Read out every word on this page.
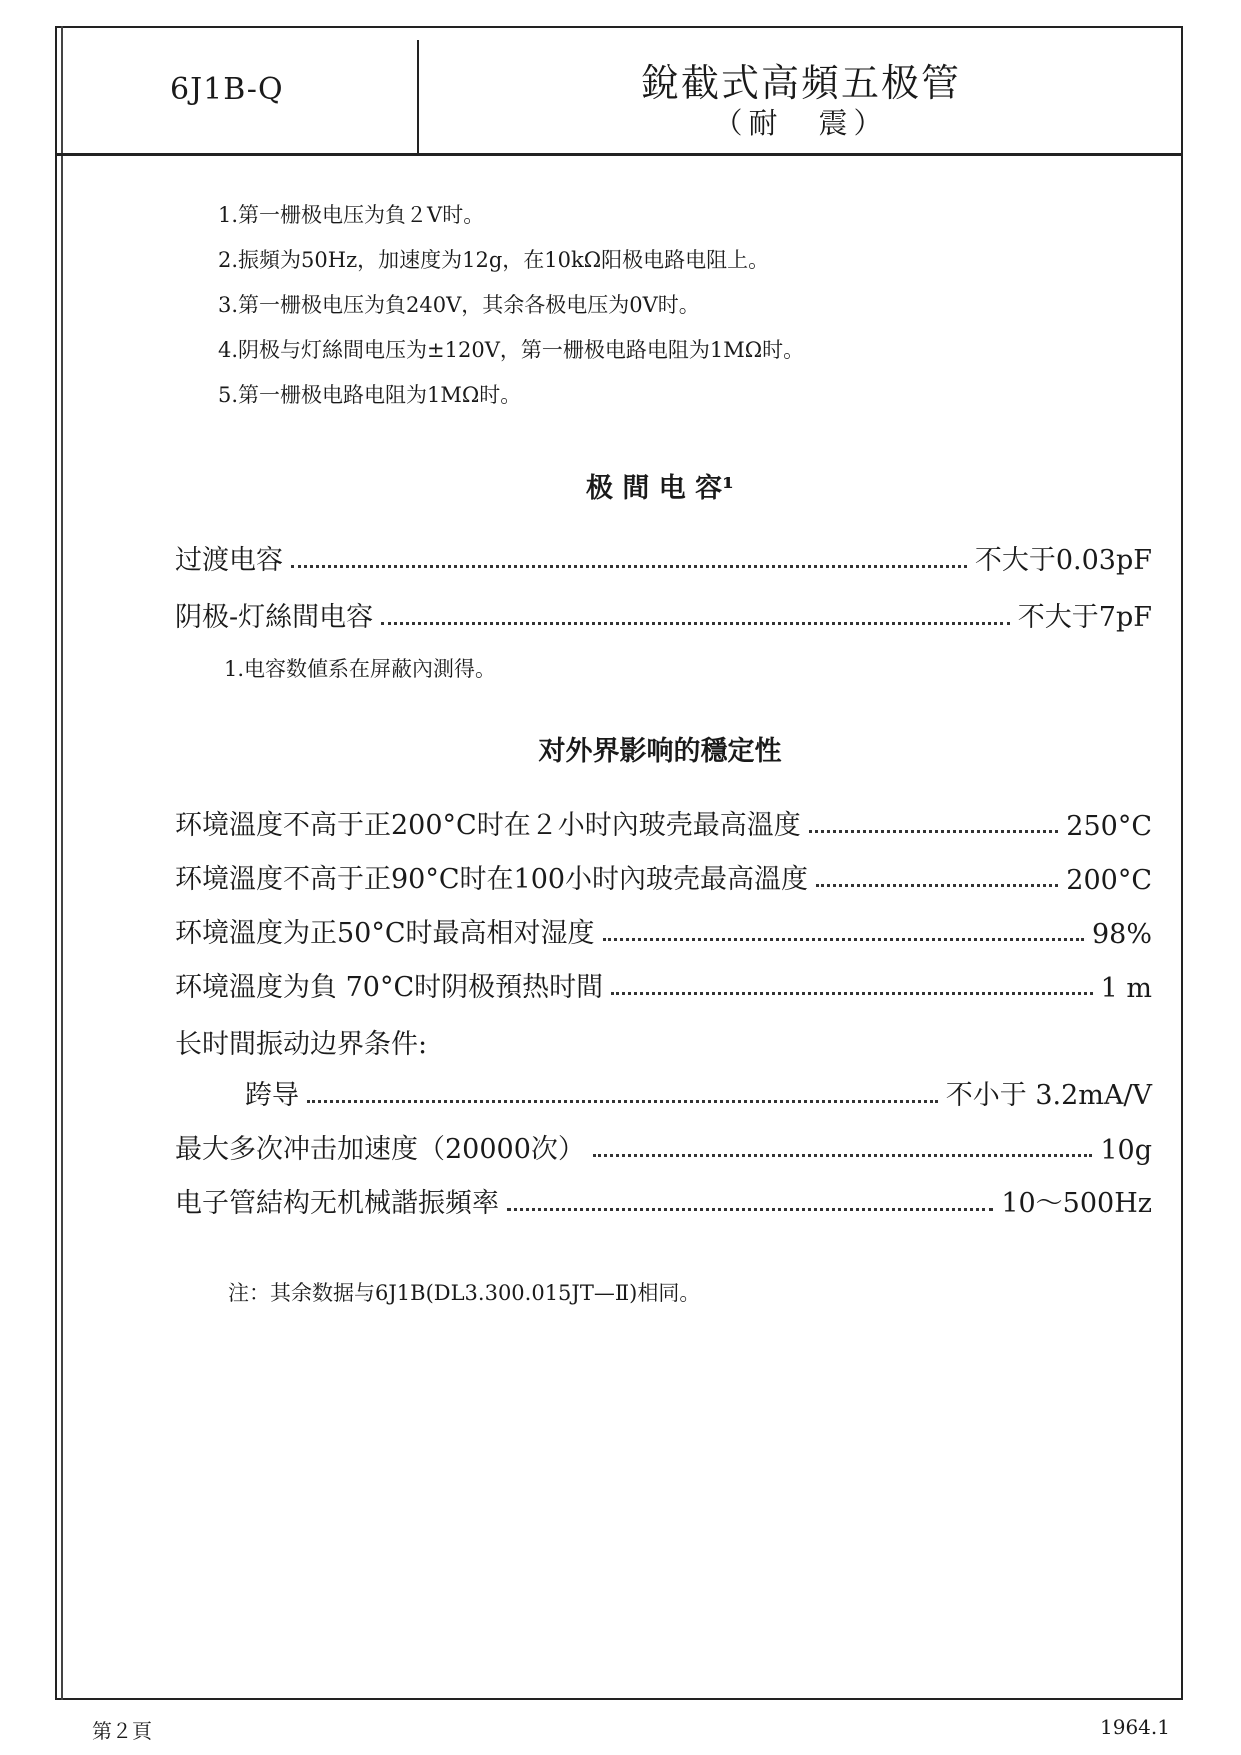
6J1B-Q	銳截式高頻五极管
（耐　震）
1.第一栅极电压为負２V时。
2.振頻为50Hz，加速度为12g，在10kΩ阳极电路电阻上。
3.第一栅极电压为負240V，其余各极电压为0V时。
4.阴极与灯絲間电压为±120V，第一栅极电路电阻为1MΩ时。
5.第一栅极电路电阻为1MΩ时。
极 間 电 容¹
过渡电容	不大于0.03pF
阴极-灯絲間电容	不大于7pF
1.电容数値系在屏蔽內測得。
对外界影响的穩定性
环境溫度不高于正200°C时在２小时內玻壳最高溫度	250°C
环境溫度不高于正90°C时在100小时內玻壳最高溫度	200°C
环境溫度为正50°C时最高相对湿度	98%
环境溫度为負 70°C时阴极預热时間	1 m
长时間振动边界条件:
跨导	不小于 3.2mA/V
最大多次冲击加速度（20000次）	10g
电子管結构无机械諧振頻率	10～500Hz
注：其余数据与6J1B(DL3.300.015JT—Ⅱ)相同。
第２頁	1964.1
